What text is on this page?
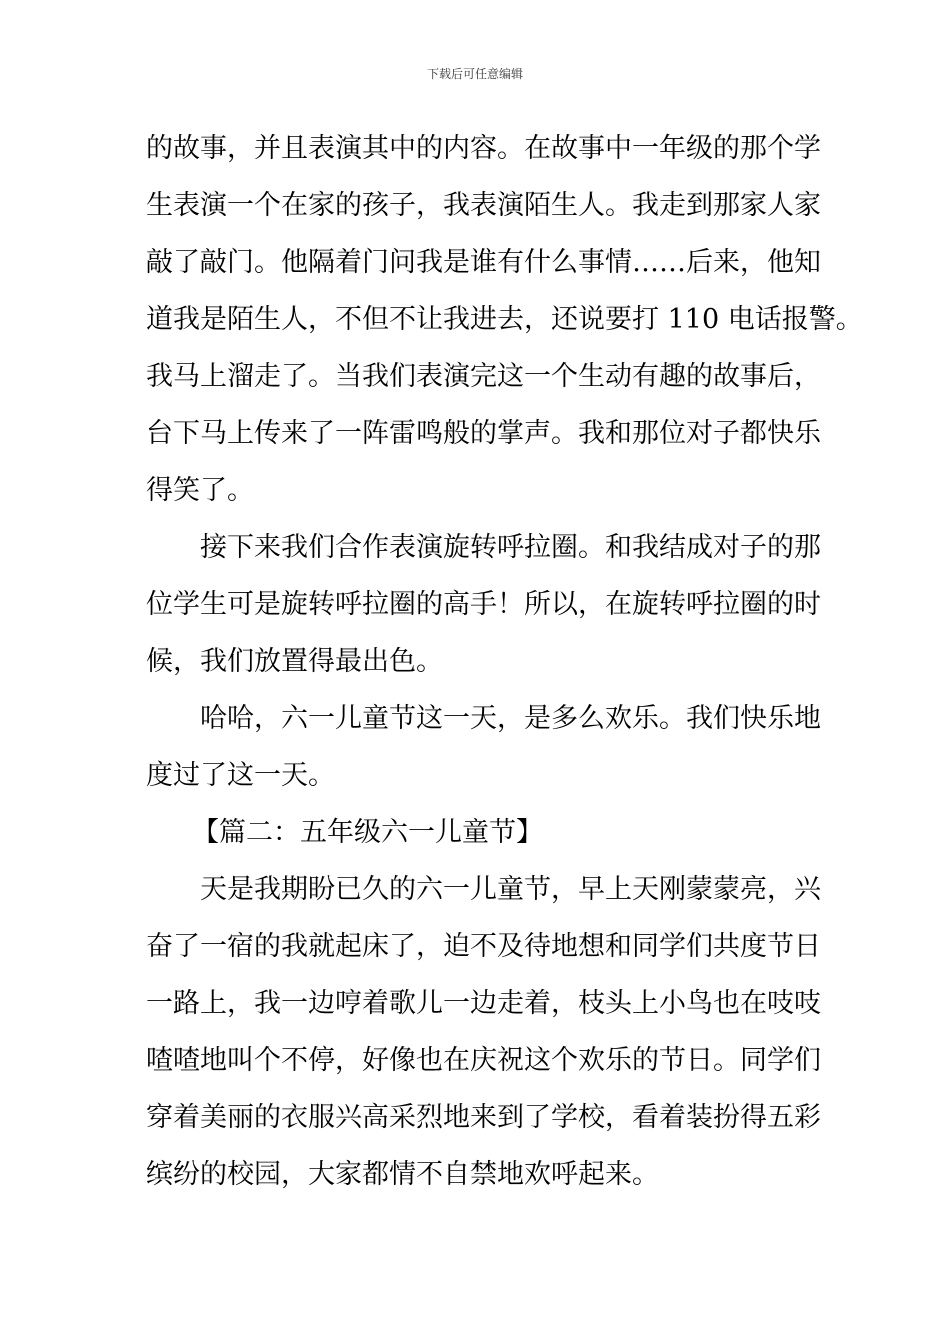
下载后可任意编辑
的故事，并且表演其中的内容。在故事中一年级的那个学
生表演一个在家的孩子，我表演陌生人。我走到那家人家
敲了敲门。他隔着门问我是谁有什么事情……后来，他知
道我是陌生人，不但不让我进去，还说要打 110 电话报警。
我马上溜走了。当我们表演完这一个生动有趣的故事后，
台下马上传来了一阵雷鸣般的掌声。我和那位对子都快乐
得笑了。
接下来我们合作表演旋转呼拉圈。和我结成对子的那
位学生可是旋转呼拉圈的高手！所以，在旋转呼拉圈的时
候，我们放置得最出色。
哈哈，六一儿童节这一天，是多么欢乐。我们快乐地
度过了这一天。
【篇二：五年级六一儿童节】
天是我期盼已久的六一儿童节，早上天刚蒙蒙亮，兴
奋了一宿的我就起床了，迫不及待地想和同学们共度节日
一路上，我一边哼着歌儿一边走着，枝头上小鸟也在吱吱
喳喳地叫个不停，好像也在庆祝这个欢乐的节日。同学们
穿着美丽的衣服兴高采烈地来到了学校，看着装扮得五彩
缤纷的校园，大家都情不自禁地欢呼起来。
